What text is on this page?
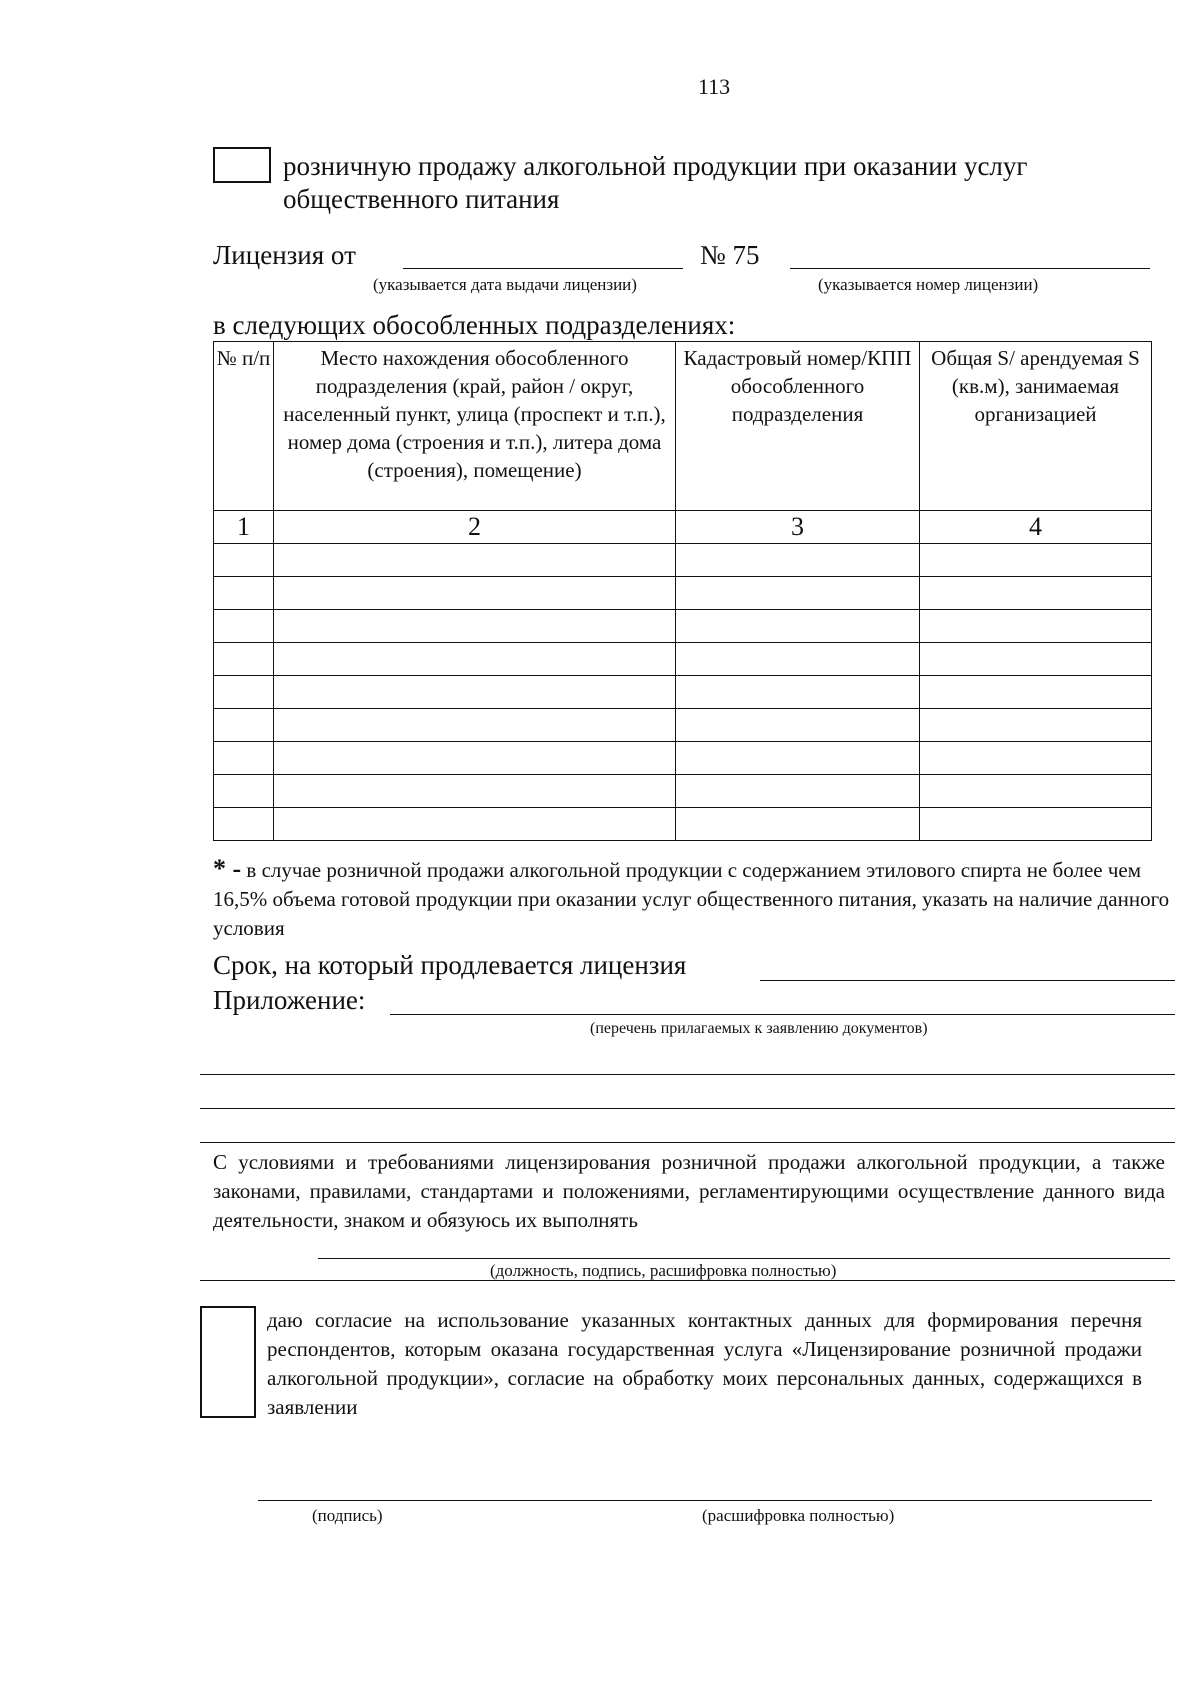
113
розничную продажу алкогольной продукции при оказании услуг
общественного питания
Лицензия от	№ 75
(указывается дата выдачи лицензии)	(указывается номер лицензии)
в следующих обособленных подразделениях:
№ п/п	Место нахождения обособленного подразделения (край, район / округ, населенный пункт, улица (проспект и т.п.), номер дома (строения и т.п.), литера дома (строения), помещение)	Кадастровый номер/КПП обособленного подразделения	Общая S/ арендуемая S (кв.м), занимаемая организацией
1	2	3	4

* - в случае розничной продажи алкогольной продукции с содержанием этилового спирта не более чем 16,5% объема готовой продукции при оказании услуг общественного питания, указать на наличие данного условия
Срок, на который продлевается лицензия
Приложение:
(перечень прилагаемых к заявлению документов)
С условиями и требованиями лицензирования розничной продажи алкогольной продукции, а также законами, правилами, стандартами и положениями, регламентирующими осуществление данного вида деятельности, знаком и обязуюсь их выполнять
(должность, подпись, расшифровка полностью)
даю согласие на использование указанных контактных данных для формирования перечня респондентов, которым оказана государственная услуга «Лицензирование розничной продажи алкогольной продукции», согласие на обработку моих персональных данных, содержащихся в заявлении
(подпись)	(расшифровка полностью)
